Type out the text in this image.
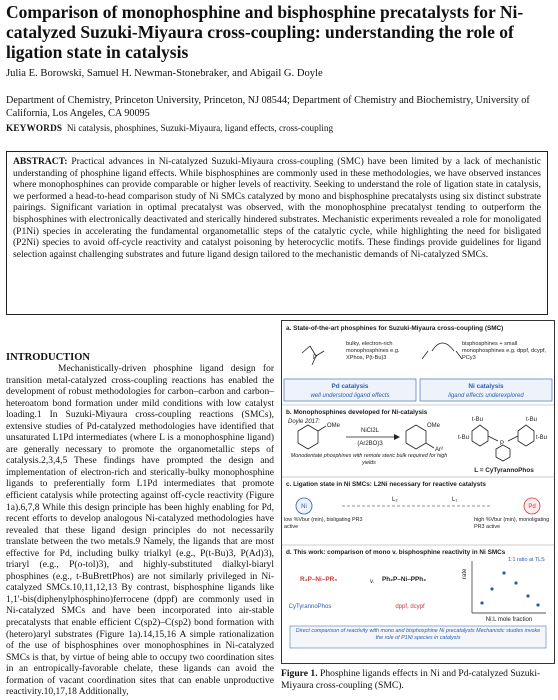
Comparison of monophosphine and bisphosphine precatalysts for Ni-catalyzed Suzuki-Miyaura cross-coupling: understanding the role of ligation state in catalysis
Julia E. Borowski, Samuel H. Newman-Stonebraker, and Abigail G. Doyle
Department of Chemistry, Princeton University, Princeton, NJ 08544; Department of Chemistry and Biochemistry, University of California, Los Angeles, CA 90095
KEYWORDS Ni catalysis, phosphines, Suzuki-Miyaura, ligand effects, cross-coupling
ABSTRACT: Practical advances in Ni-catalyzed Suzuki-Miyaura cross-coupling (SMC) have been limited by a lack of mechanistic understanding of phosphine ligand effects. While bisphosphines are commonly used in these methodologies, we have observed instances where monophosphines can provide comparable or higher levels of reactivity. Seeking to understand the role of ligation state in catalysis, we performed a head-to-head comparison study of Ni SMCs catalyzed by mono and bisphosphine precatalysts using six distinct substrate pairings. Significant variation in optimal precatalyst was observed, with the monophosphine precatalyst tending to outperform the bisphosphines with electronically deactivated and sterically hindered substrates. Mechanistic experiments revealed a role for monoligated (P1Ni) species in accelerating the fundamental organometallic steps of the catalytic cycle, while highlighting the need for bisligated (P2Ni) species to avoid off-cycle reactivity and catalyst poisoning by heterocyclic motifs. These findings provide guidelines for ligand selection against challenging substrates and future ligand design tailored to the mechanistic demands of Ni-catalyzed SMCs.
INTRODUCTION
Mechanistically-driven phosphine ligand design for transition metal-catalyzed cross-coupling reactions has enabled the development of robust methodologies for carbon–carbon and carbon–heteroatom bond formation under mild conditions with low catalyst loading.1 In Suzuki-Miyaura cross-coupling reactions (SMCs), extensive studies of Pd-catalyzed methodologies have identified that unsaturated L1Pd intermediates (where L is a monophosphine ligand) are generally necessary to promote the organometallic steps of catalysis.2,3,4,5 These findings have prompted the design and implementation of electron-rich and sterically-bulky monophosphine ligands to preferentially form L1Pd intermediates that promote efficient catalysis while protecting against off-cycle reactivity (Figure 1a).6,7,8 While this design principle has been highly enabling for Pd, recent efforts to develop analogous Ni-catalyzed methodologies have revealed that these ligand design principles do not necessarily translate between the two metals.9 Namely, the ligands that are most effective for Pd, including bulky trialkyl (e.g., P(t-Bu)3, P(Ad)3), triaryl (e.g., P(o-tol)3), and highly-substituted dialkyl-biaryl phosphines (e.g., t-BuBrettPhos) are not similarly privileged in Ni-catalyzed SMCs.10,11,12,13 By contrast, bisphosphine ligands like 1,1'-bis(diphenylphosphino)ferrocene (dppf) are commonly used in Ni-catalyzed SMCs and have been incorporated into air-stable precatalysts that enable efficient C(sp2)–C(sp2) bond formation with (hetero)aryl substrates (Figure 1a).14,15,16 A simple rationalization of the use of bisphosphines over monophosphines in Ni-catalyzed SMCs is that, by virtue of being able to occupy two coordination sites in an entropically-favorable chelate, these ligands can avoid the formation of vacant coordination sites that can enable unproductive reactivity.10,17,18 Additionally,
a. State-of-the-art phosphines for Suzuki-Miyaura cross-coupling (SMC)
P
bulky, electron-rich monophosphines e.g. XPhos, P(t-Bu)3
bisphosphines + small monophosphines e.g. dppf, dcypf, PCy3
Pd catalysis
well understood ligand effects
Ni catalysis
ligand effects underexplored
b. Monophosphines developed for Ni-catalysis
Doyle 2017:
OMe
NiCl2L
(Ar2BO)3
Ar²
OMe
Monodentate phosphines with remote steric bulk required for high yields
P
t-Bu	t-Bu
t-Bu	t-Bu
L = CyTyrannoPhos
c. Ligation state in Ni SMCs: L2Ni necessary for reactive catalysts
Ni	Pd
L₂	L₁
low %Vbur (min), bisligating PR3 active
high %Vbur (min), monoligating PR3 active
d. This work: comparison of mono v. bisphosphine reactivity in Ni SMCs
R₃P–Ni–PR₃
CyTyrannoPhos
v. Ph₂P–Ni–PPh₂
dppf, dcypf
rate
Ni:L mole fraction
1:1 ratio at TLS
Direct comparison of reactivity with mono and bisphosphine Ni precatalysts Mechanistic studies invoke the role of P1Ni species in catalysis
Figure 1. Phosphine ligands effects in Ni and Pd-catalyzed Suzuki-Miyaura cross-coupling (SMC).
